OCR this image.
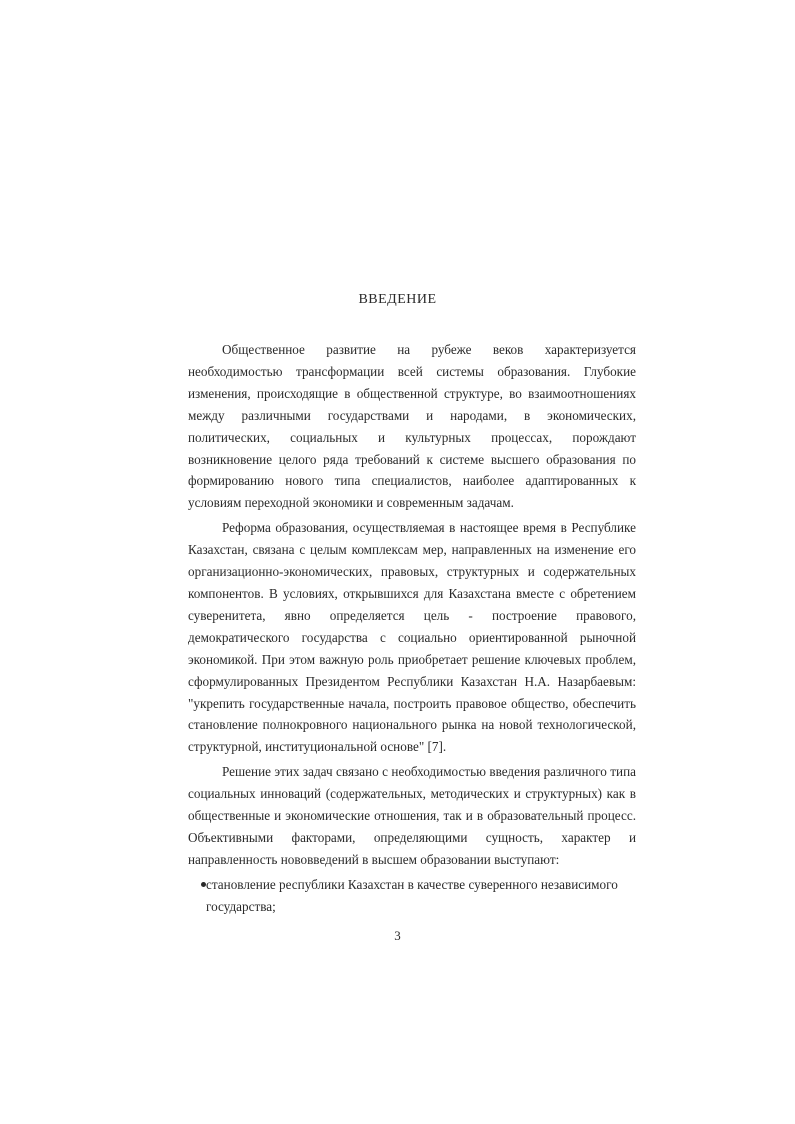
ВВЕДЕНИЕ

Общественное развитие на рубеже веков характеризуется необходимостью трансформации всей системы образования. Глубокие изменения, происходящие в общественной структуре, во взаимоотношениях между различными государствами и народами, в экономических, политических, социальных и культурных процессах, порождают возникновение целого ряда требований к системе высшего образования по формированию нового типа специалистов, наиболее адаптированных к условиям переходной экономики и современным задачам.

Реформа образования, осуществляемая в настоящее время в Республике Казахстан, связана с целым комплексам мер, направленных на изменение его организационно-экономических, правовых, структурных и содержательных компонентов. В условиях, открывшихся для Казахстана вместе с обретением суверенитета, явно определяется цель - построение правового, демократического государства с социально ориентированной рыночной экономикой. При этом важную роль приобретает решение ключевых проблем, сформулированных Президентом Республики Казахстан Н.А. Назарбаевым: "укрепить государственные начала, построить правовое общество, обеспечить становление полнокровного национального рынка на новой технологической, структурной, институциональной основе" [7].

Решение этих задач связано с необходимостью введения различного типа социальных инноваций (содержательных, методических и структурных) как в общественные и экономические отношения, так и в образовательный процесс. Объективными факторами, определяющими сущность, характер и направленность нововведений в высшем образовании выступают:

становление республики Казахстан в качестве суверенного независимого государства;
3
